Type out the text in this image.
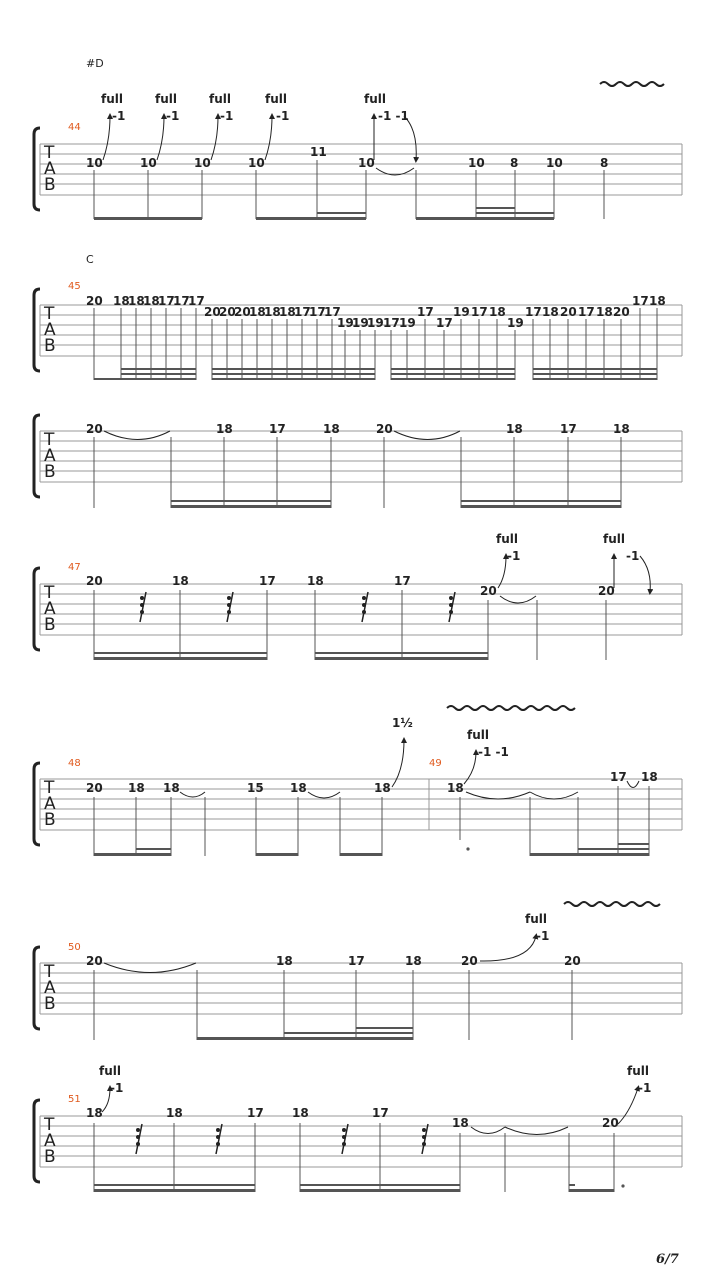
#D
44
10	10	10	10
11
10	10 8 10	8
full
-1
full
-1
full
-1
full
-1
full
-1 -1
C
45
20 18
18
18
17
17
17
20
20
20
18
18
18
17
17
17
19
19
19 17 19
17
17
19 17 18
19
17 18 20 17 18 20
17 18
20	18	17	18	20	18	17	18
47
20	18	17	18	17
20	20
full
-1
full
-1
48	49
20 18 18	15 18	18	18
17 18
1½
full
-1 -1
50
20	18	17	18	20	20
full
-1
51
18	18	17 18	17
18	20
full
-1
full
-1
6/7
T
A
B
T
A
B
T
A
B
T
A
B
T
A
B
T
A
B
T
A
B
